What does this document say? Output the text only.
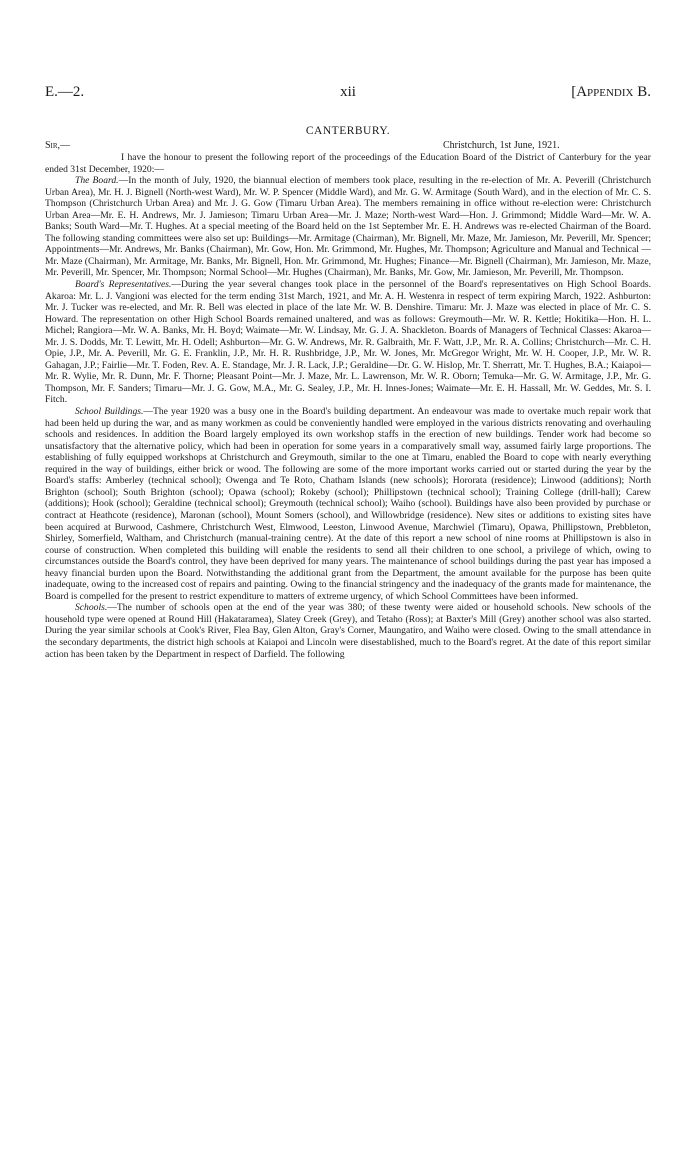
E.—2.	xii	[Appendix B.
CANTERBURY.
Sir,—	Christchurch, 1st June, 1921.

I have the honour to present the following report of the proceedings of the Education Board of the District of Canterbury for the year ended 31st December, 1920:—

The Board.—In the month of July, 1920, the biannual election of members took place, resulting in the re-election of Mr. A. Peverill (Christchurch Urban Area), Mr. H. J. Bignell (North-west Ward), Mr. W. P. Spencer (Middle Ward), and Mr. G. W. Armitage (South Ward), and in the election of Mr. C. S. Thompson (Christchurch Urban Area) and Mr. J. G. Gow (Timaru Urban Area). The members remaining in office without re-election were: Christchurch Urban Area—Mr. E. H. Andrews, Mr. J. Jamieson; Timaru Urban Area—Mr. J. Maze; North-west Ward—Hon. J. Grimmond; Middle Ward—Mr. W. A. Banks; South Ward—Mr. T. Hughes. At a special meeting of the Board held on the 1st September Mr. E. H. Andrews was re-elected Chairman of the Board. The following standing committees were also set up: Buildings—Mr. Armitage (Chairman), Mr. Bignell, Mr. Maze, Mr. Jamieson, Mr. Peverill, Mr. Spencer; Appointments—Mr. Andrews, Mr. Banks (Chairman), Mr. Gow, Hon. Mr. Grimmond, Mr. Hughes, Mr. Thompson; Agriculture and Manual and Technical —Mr. Maze (Chairman), Mr. Armitage, Mr. Banks, Mr. Bignell, Hon. Mr. Grimmond, Mr. Hughes; Finance—Mr. Bignell (Chairman), Mr. Jamieson, Mr. Maze, Mr. Peverill, Mr. Spencer, Mr. Thompson; Normal School—Mr. Hughes (Chairman), Mr. Banks, Mr. Gow, Mr. Jamieson, Mr. Peverill, Mr. Thompson.

Board's Representatives.—During the year several changes took place in the personnel of the Board's representatives on High School Boards. Akaroa: Mr. L. J. Vangioni was elected for the term ending 31st March, 1921, and Mr. A. H. Westenra in respect of term expiring March, 1922. Ashburton: Mr. J. Tucker was re-elected, and Mr. R. Bell was elected in place of the late Mr. W. B. Denshire. Timaru: Mr. J. Maze was elected in place of Mr. C. S. Howard. The representation on other High School Boards remained unaltered, and was as follows: Greymouth—Mr. W. R. Kettle; Hokitika—Hon. H. L. Michel; Rangiora—Mr. W. A. Banks, Mr. H. Boyd; Waimate—Mr. W. Lindsay, Mr. G. J. A. Shackleton. Boards of Managers of Technical Classes: Akaroa—Mr. J. S. Dodds, Mr. T. Lewitt, Mr. H. Odell; Ashburton—Mr. G. W. Andrews, Mr. R. Galbraith, Mr. F. Watt, J.P., Mr. R. A. Collins; Christchurch—Mr. C. H. Opie, J.P., Mr. A. Peverill, Mr. G. E. Franklin, J.P., Mr. H. R. Rushbridge, J.P., Mr. W. Jones, Mr. McGregor Wright, Mr. W. H. Cooper, J.P., Mr. W. R. Gahagan, J.P.; Fairlie—Mr. T. Foden, Rev. A. E. Standage, Mr. J. R. Lack, J.P.; Geraldine—Dr. G. W. Hislop, Mr. T. Sherratt, Mr. T. Hughes, B.A.; Kaiapoi—Mr. R. Wylie, Mr. R. Dunn, Mr. F. Thorne; Pleasant Point—Mr. J. Maze, Mr. L. Lawrenson, Mr. W. R. Oborn; Temuka—Mr. G. W. Armitage, J.P., Mr. G. Thompson, Mr. F. Sanders; Timaru—Mr. J. G. Gow, M.A., Mr. G. Sealey, J.P., Mr. H. Innes-Jones; Waimate—Mr. E. H. Hassall, Mr. W. Geddes, Mr. S. I. Fitch.

School Buildings.—The year 1920 was a busy one in the Board's building department. An endeavour was made to overtake much repair work that had been held up during the war, and as many workmen as could be conveniently handled were employed in the various districts renovating and overhauling schools and residences. In addition the Board largely employed its own workshop staffs in the erection of new buildings. Tender work had become so unsatisfactory that the alternative policy, which had been in operation for some years in a comparatively small way, assumed fairly large proportions. The establishing of fully equipped workshops at Christchurch and Greymouth, similar to the one at Timaru, enabled the Board to cope with nearly everything required in the way of buildings, either brick or wood. The following are some of the more important works carried out or started during the year by the Board's staffs: Amberley (technical school); Owenga and Te Roto, Chatham Islands (new schools); Hororata (residence); Linwood (additions); North Brighton (school); South Brighton (school); Opawa (school); Rokeby (school); Phillipstown (technical school); Training College (drill-hall); Carew (additions); Hook (school); Geraldine (technical school); Greymouth (technical school); Waiho (school). Buildings have also been provided by purchase or contract at Heathcote (residence), Maronan (school), Mount Somers (school), and Willowbridge (residence). New sites or additions to existing sites have been acquired at Burwood, Cashmere, Christchurch West, Elmwood, Leeston, Linwood Avenue, Marchwiel (Timaru), Opawa, Phillipstown, Prebbleton, Shirley, Somerfield, Waltham, and Christchurch (manual-training centre). At the date of this report a new school of nine rooms at Phillipstown is also in course of construction. When completed this building will enable the residents to send all their children to one school, a privilege of which, owing to circumstances outside the Board's control, they have been deprived for many years. The maintenance of school buildings during the past year has imposed a heavy financial burden upon the Board. Notwithstanding the additional grant from the Department, the amount available for the purpose has been quite inadequate, owing to the increased cost of repairs and painting. Owing to the financial stringency and the inadequacy of the grants made for maintenance, the Board is compelled for the present to restrict expenditure to matters of extreme urgency, of which School Committees have been informed.

Schools.—The number of schools open at the end of the year was 380; of these twenty were aided or household schools. New schools of the household type were opened at Round Hill (Hakataramea), Slatey Creek (Grey), and Tetaho (Ross); at Baxter's Mill (Grey) another school was also started. During the year similar schools at Cook's River, Flea Bay, Glen Alton, Gray's Corner, Maungatiro, and Waiho were closed. Owing to the small attendance in the secondary departments, the district high schools at Kaiapoi and Lincoln were disestablished, much to the Board's regret. At the date of this report similar action has been taken by the Department in respect of Darfield. The following
